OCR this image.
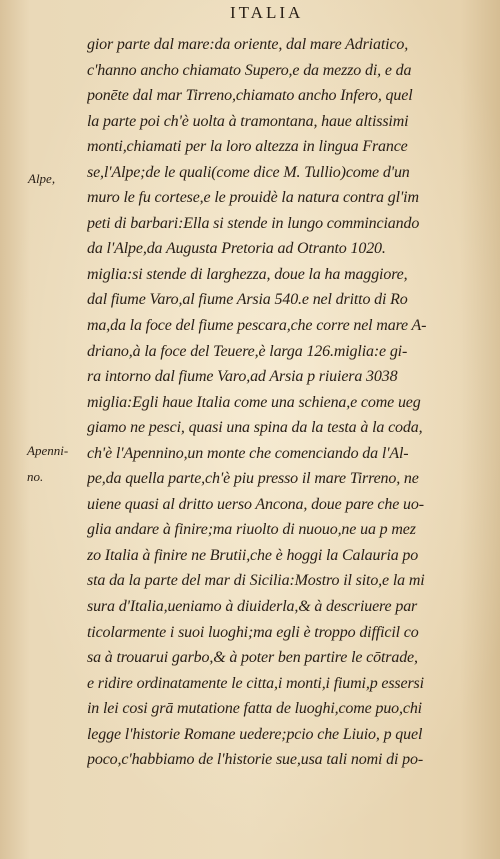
ITALIA
Alpe,
Apenni-
no.
gior parte dal mare:da oriente, dal mare Adriatico,
c'hanno ancho chiamato Supero,e da mezzo di, e da
ponēte dal mar Tirreno,chiamato ancho Infero, quel
la parte poi ch'è uolta à tramontana, haue altissimi
monti,chiamati per la loro altezza in lingua France
se,l'Alpe;de le quali(come dice M. Tullio)come d'un
muro le fu cortese,e le prouidè la natura contra gl'im
peti di barbari:Ella si stende in lungo comminciando
da l'Alpe,da Augusta Pretoria ad Otranto 1020.
miglia:si stende di larghezza, doue la ha maggiore,
dal fiume Varo,al fiume Arsia 540.e nel dritto di Ro
ma,da la foce del fiume pescara,che corre nel mare A-
driano,à la foce del Teuere,è larga 126.miglia:e gi-
ra intorno dal fiume Varo,ad Arsia p riuiera 3038
miglia:Egli haue Italia come una schiena,e come ueg
giamo ne pesci, quasi una spina da la testa à la coda,
ch'è l'Apennino,un monte che comenciando da l'Al-
pe,da quella parte,ch'è piu presso il mare Tirreno, ne
uiene quasi al dritto uerso Ancona, doue pare che uo-
glia andare à finire;ma riuolto di nuouo,ne ua p mez
zo Italia à finire ne Brutii,che è hoggi la Calauria po
sta da la parte del mar di Sicilia:Mostro il sito,e la mi
sura d'Italia,ueniamo à diuiderla,& à descriuere par
ticolarmente i suoi luoghi;ma egli è troppo difficil co
sa à trouarui garbo,& à poter ben partire le cōtrade,
e ridire ordinatamente le citta,i monti,i fiumi,p essersi
in lei cosi grā mutatione fatta de luoghi,come puo,chi
legge l'historie Romane uedere;pcio che Liuio, p quel
poco,c'habbiamo de l'historie sue,usa tali nomi di po-
